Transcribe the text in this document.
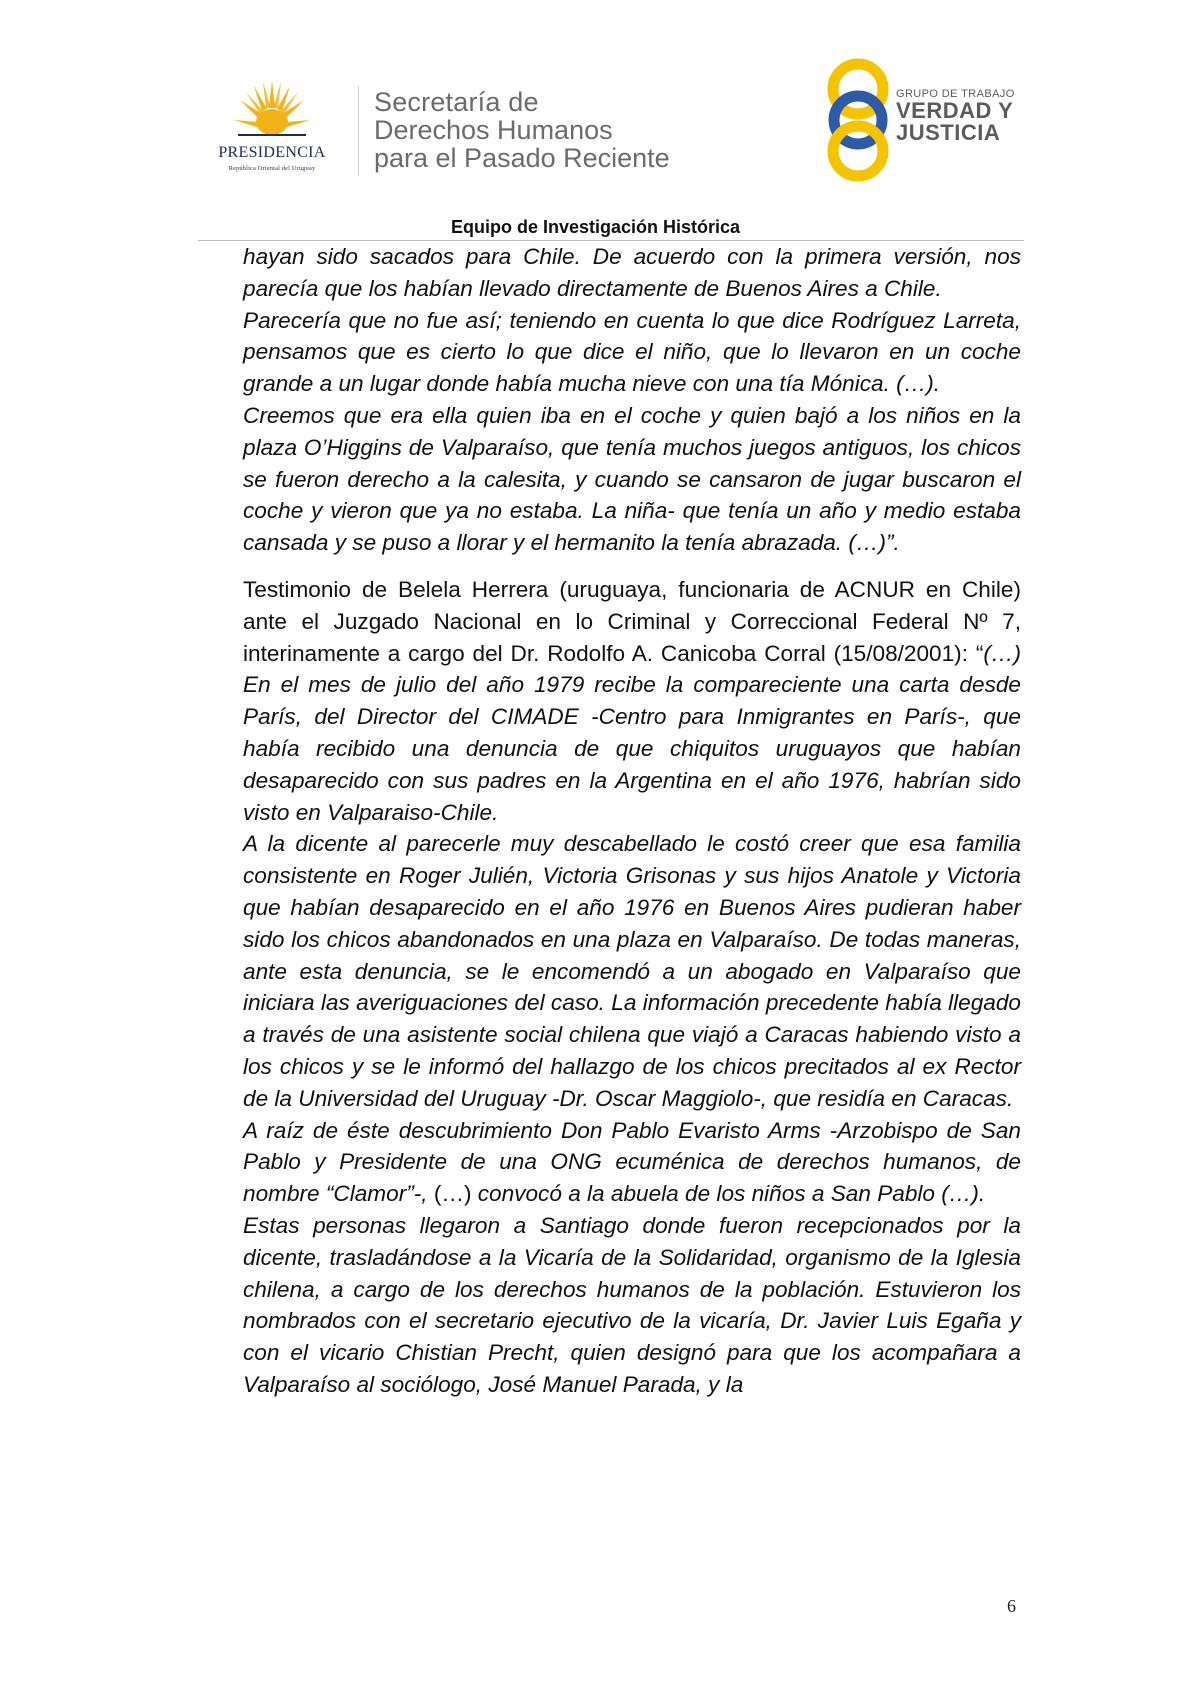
PRESIDENCIA
República Oriental del Uruguay
Secretaría de
Derechos Humanos
para el Pasado Reciente
GRUPO DE TRABAJO
VERDAD Y
JUSTICIA
Equipo de Investigación Histórica

hayan sido sacados para Chile. De acuerdo con la primera versión, nos parecía que los habían llevado directamente de Buenos Aires a Chile.

Parecería que no fue así; teniendo en cuenta lo que dice Rodríguez Larreta, pensamos que es cierto lo que dice el niño, que lo llevaron en un coche grande a un lugar donde había mucha nieve con una tía Mónica. (…).

Creemos que era ella quien iba en el coche y quien bajó a los niños en la plaza O’Higgins de Valparaíso, que tenía muchos juegos antiguos, los chicos se fueron derecho a la calesita, y cuando se cansaron de jugar buscaron el coche y vieron que ya no estaba. La niña- que tenía un año y medio estaba cansada y se puso a llorar y el hermanito la tenía abrazada. (…)”.

Testimonio de Belela Herrera (uruguaya, funcionaria de ACNUR en Chile) ante el Juzgado Nacional en lo Criminal y Correccional Federal Nº 7, interinamente a cargo del Dr. Rodolfo A. Canicoba Corral (15/08/2001): “(…) En el mes de julio del año 1979 recibe la compareciente una carta desde París, del Director del CIMADE -Centro para Inmigrantes en París-, que había recibido una denuncia de que chiquitos uruguayos que habían desaparecido con sus padres en la Argentina en el año 1976, habrían sido visto en Valparaiso-Chile.

A la dicente al parecerle muy descabellado le costó creer que esa familia consistente en Roger Julién, Victoria Grisonas y sus hijos Anatole y Victoria que habían desaparecido en el año 1976 en Buenos Aires pudieran haber sido los chicos abandonados en una plaza en Valparaíso. De todas maneras, ante esta denuncia, se le encomendó a un abogado en Valparaíso que iniciara las averiguaciones del caso. La información precedente había llegado a través de una asistente social chilena que viajó a Caracas habiendo visto a los chicos y se le informó del hallazgo de los chicos precitados al ex Rector de la Universidad del Uruguay -Dr. Oscar Maggiolo-, que residía en Caracas.

A raíz de éste descubrimiento Don Pablo Evaristo Arms -Arzobispo de San Pablo y Presidente de una ONG ecuménica de derechos humanos, de nombre “Clamor”-, (…) convocó a la abuela de los niños a San Pablo (…).

Estas personas llegaron a Santiago donde fueron recepcionados por la dicente, trasladándose a la Vicaría de la Solidaridad, organismo de la Iglesia chilena, a cargo de los derechos humanos de la población. Estuvieron los nombrados con el secretario ejecutivo de la vicaría, Dr. Javier Luis Egaña y con el vicario Chistian Precht, quien designó para que los acompañara a Valparaíso al sociólogo, José Manuel Parada, y la

6
